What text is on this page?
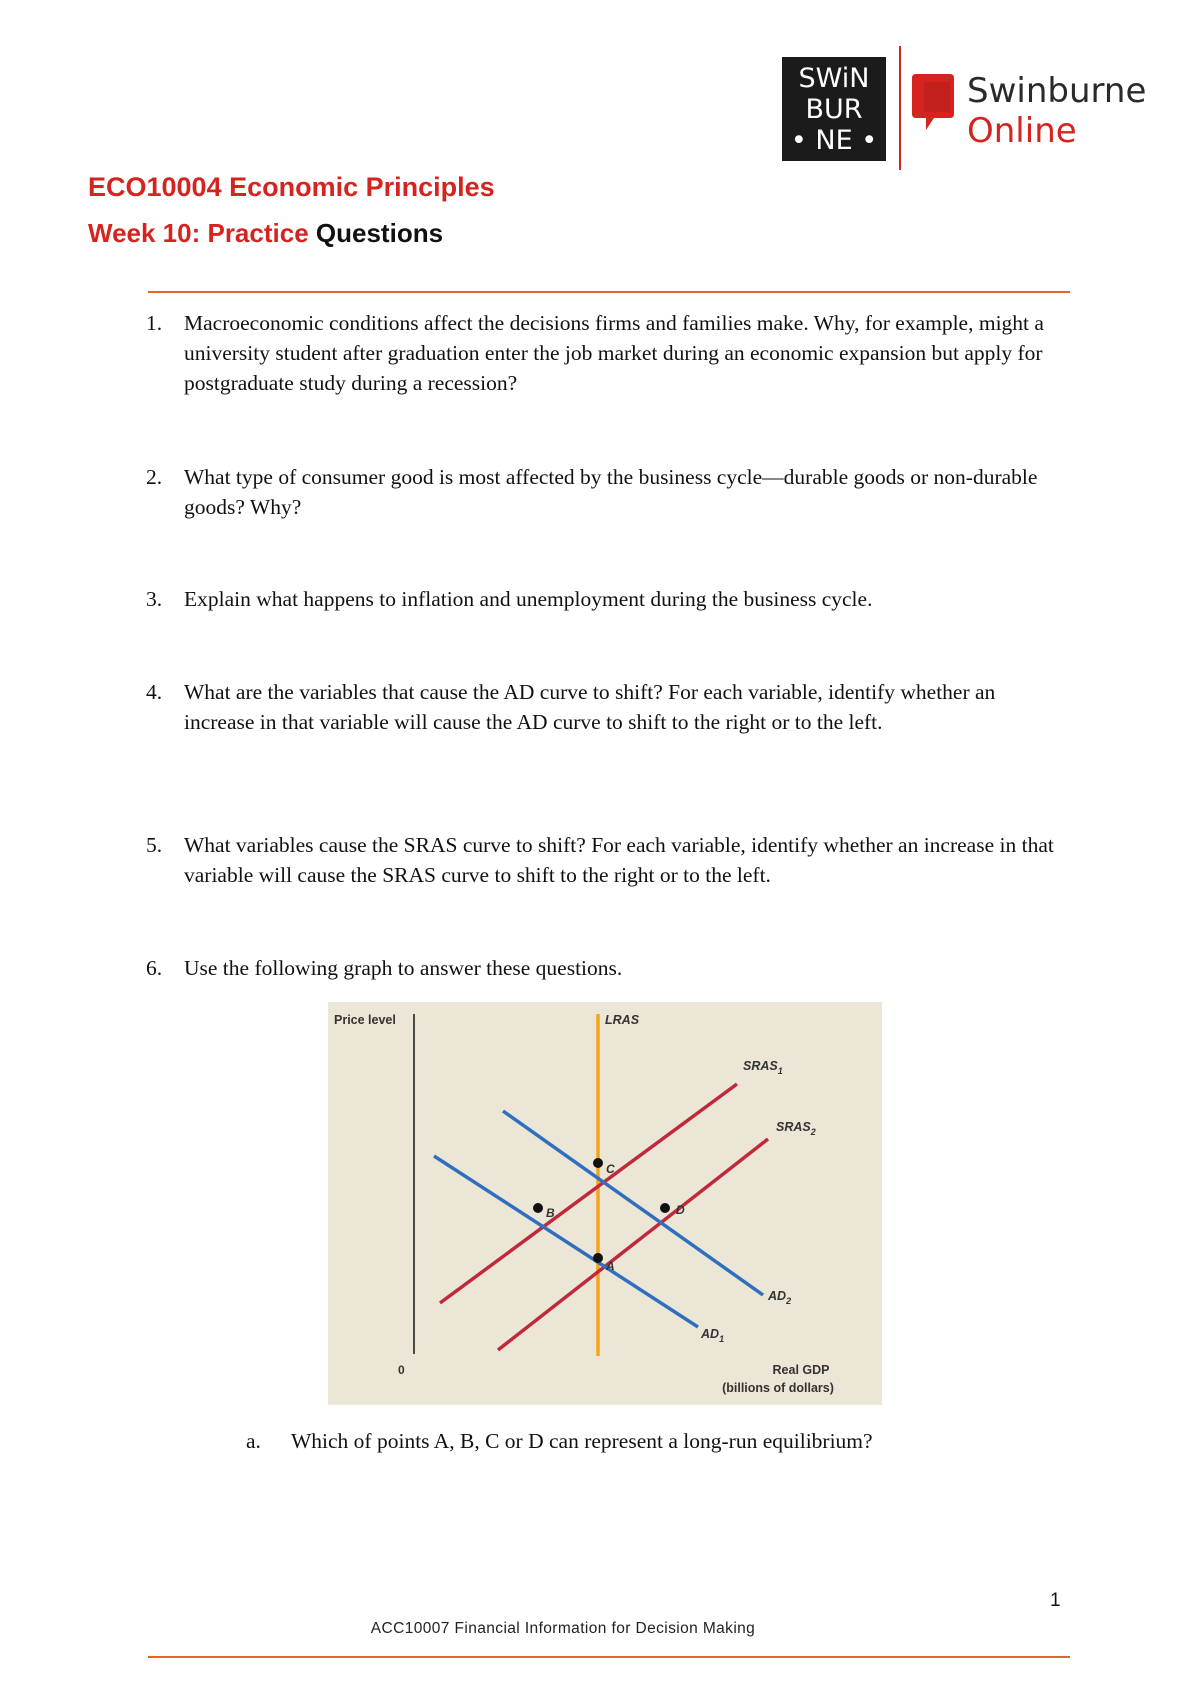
SWiN
BUR
• NE •
Swinburne
Online
ECO10004 Economic Principles
Week 10: Practice Questions
1.	Macroeconomic conditions affect the decisions firms and families make. Why, for example, might a university student after graduation enter the job market during an economic expansion but apply for postgraduate study during a recession?
2.	What type of consumer good is most affected by the business cycle—durable goods or non-durable goods? Why?
3.	Explain what happens to inflation and unemployment during the business cycle.
4.	What are the variables that cause the AD curve to shift? For each variable, identify whether an increase in that variable will cause the AD curve to shift to the right or to the left.
5.	What variables cause the SRAS curve to shift? For each variable, identify whether an increase in that variable will cause the SRAS curve to shift to the right or to the left.
6.	Use the following graph to answer these questions.
Price level
0	Real GDP
(billions of dollars)
LRAS
$SRAS_1$
$SRAS_2$
$AD_1$
$AD_2$
A
B
C
D
a. Which of points A, B, C or D can represent a long-run equilibrium?
1
ACC10007 Financial Information for Decision Making
